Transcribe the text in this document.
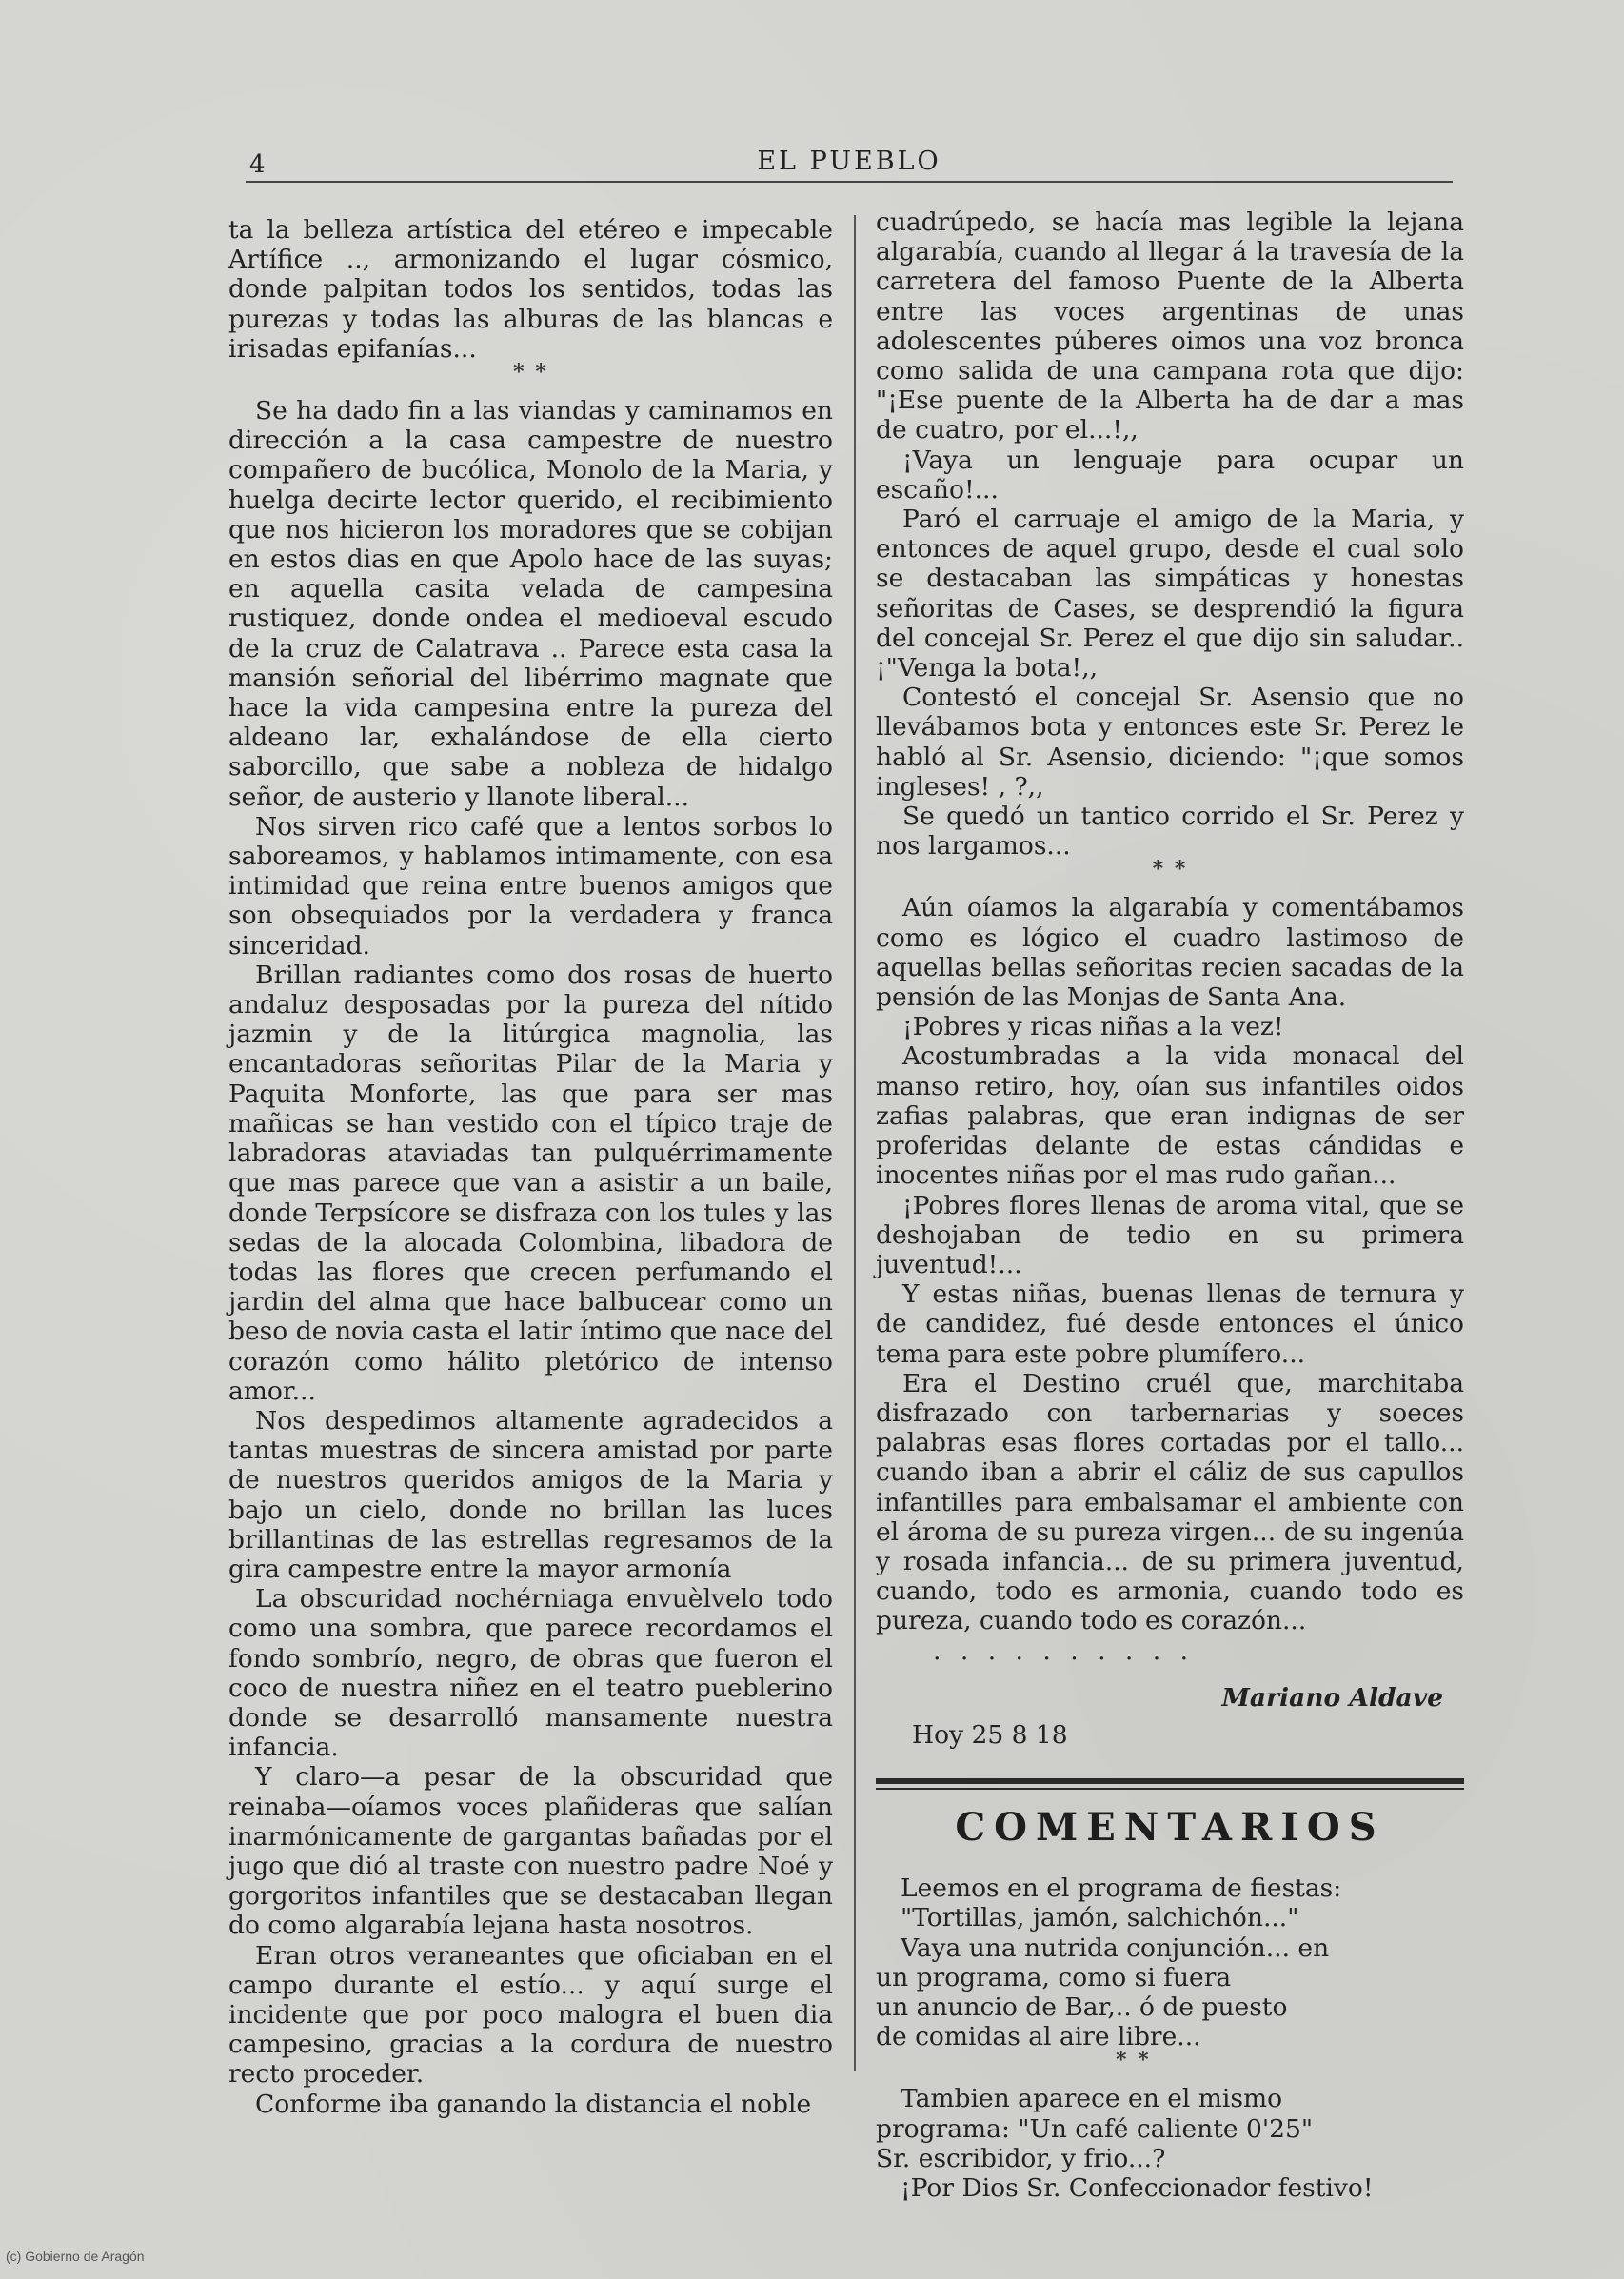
4	EL PUEBLO

ta la belleza artística del etéreo e impecable Artífice .., armonizando el lugar cósmico, donde palpitan todos los sentidos, todas las purezas y todas las alburas de las blancas e irisadas epifanías...

* *

Se ha dado fin a las viandas y caminamos en dirección a la casa campestre de nuestro compañero de bucólica, Monolo de la Maria, y huelga decirte lector querido, el recibimiento que nos hicieron los moradores que se cobijan en estos dias en que Apolo hace de las suyas; en aquella casita velada de campesina rustiquez, donde ondea el medioeval escudo de la cruz de Calatrava .. Parece esta casa la mansión señorial del libérrimo magnate que hace la vida campesina entre la pureza del aldeano lar, exhalándose de ella cierto saborcillo, que sabe a nobleza de hidalgo señor, de austerio y llanote liberal...

Nos sirven rico café que a lentos sorbos lo saboreamos, y hablamos intimamente, con esa intimidad que reina entre buenos amigos que son obsequiados por la verdadera y franca sinceridad.

Brillan radiantes como dos rosas de huerto andaluz desposadas por la pureza del nítido jazmin y de la litúrgica magnolia, las encantadoras señoritas Pilar de la Maria y Paquita Monforte, las que para ser mas mañicas se han vestido con el típico traje de labradoras ataviadas tan pulquérrimamente que mas parece que van a asistir a un baile, donde Terpsícore se disfraza con los tules y las sedas de la alocada Colombina, libadora de todas las flores que crecen perfumando el jardin del alma que hace balbucear como un beso de novia casta el latir íntimo que nace del corazón como hálito pletórico de intenso amor...

Nos despedimos altamente agradecidos a tantas muestras de sincera amistad por parte de nuestros queridos amigos de la Maria y bajo un cielo, donde no brillan las luces brillantinas de las estrellas regresamos de la gira campestre entre la mayor armonía

La obscuridad nochérniaga envuèlvelo todo como una sombra, que parece recordamos el fondo sombrío, negro, de obras que fueron el coco de nuestra niñez en el teatro pueblerino donde se desarrolló mansamente nuestra infancia.

Y claro—a pesar de la obscuridad que reinaba—oíamos voces plañideras que salían inarmónicamente de gargantas bañadas por el jugo que dió al traste con nuestro padre Noé y gorgoritos infantiles que se destacaban llegan do como algarabía lejana hasta nosotros.

Eran otros veraneantes que oficiaban en el campo durante el estío... y aquí surge el incidente que por poco malogra el buen dia campesino, gracias a la cordura de nuestro recto proceder.

Conforme iba ganando la distancia el noble

cuadrúpedo, se hacía mas legible la lejana algarabía, cuando al llegar á la travesía de la carretera del famoso Puente de la Alberta entre las voces argentinas de unas adolescentes púberes oimos una voz bronca como salida de una campana rota que dijo: "¡Ese puente de la Alberta ha de dar a mas de cuatro, por el...!,,

¡Vaya un lenguaje para ocupar un escaño!...

Paró el carruaje el amigo de la Maria, y entonces de aquel grupo, desde el cual solo se destacaban las simpáticas y honestas señoritas de Cases, se desprendió la figura del concejal Sr. Perez el que dijo sin saludar.. ¡"Venga la bota!,,

Contestó el concejal Sr. Asensio que no llevábamos bota y entonces este Sr. Perez le habló al Sr. Asensio, diciendo: "¡que somos ingleses! , ?,,

Se quedó un tantico corrido el Sr. Perez y nos largamos...

* *

Aún oíamos la algarabía y comentábamos como es lógico el cuadro lastimoso de aquellas bellas señoritas recien sacadas de la pensión de las Monjas de Santa Ana.

¡Pobres y ricas niñas a la vez!

Acostumbradas a la vida monacal del manso retiro, hoy, oían sus infantiles oidos zafias palabras, que eran indignas de ser proferidas delante de estas cándidas e inocentes niñas por el mas rudo gañan...

¡Pobres flores llenas de aroma vital, que se deshojaban de tedio en su primera juventud!...

Y estas niñas, buenas llenas de ternura y de candidez, fué desde entonces el único tema para este pobre plumífero...

Era el Destino cruél que, marchitaba disfrazado con tarbernarias y soeces palabras esas flores cortadas por el tallo... cuando iban a abrir el cáliz de sus capullos infantilles para embalsamar el ambiente con el ároma de su pureza virgen... de su ingenúa y rosada infancia... de su primera juventud, cuando, todo es armonia, cuando todo es pureza, cuando todo es corazón...

. . . . . . . . . .

Mariano Aldave
Hoy 25 8 18
COMENTARIOS

Leemos en el programa de fiestas:

"Tortillas, jamón, salchichón..."

Vaya una nutrida conjunción... en

un programa, como si fuera

un anuncio de Bar,.. ó de puesto

de comidas al aire libre...

* *

Tambien aparece en el mismo

programa: "Un café caliente 0'25"

Sr. escribidor, y frio...?

¡Por Dios Sr. Confeccionador festivo!

(c) Gobierno de Aragón
